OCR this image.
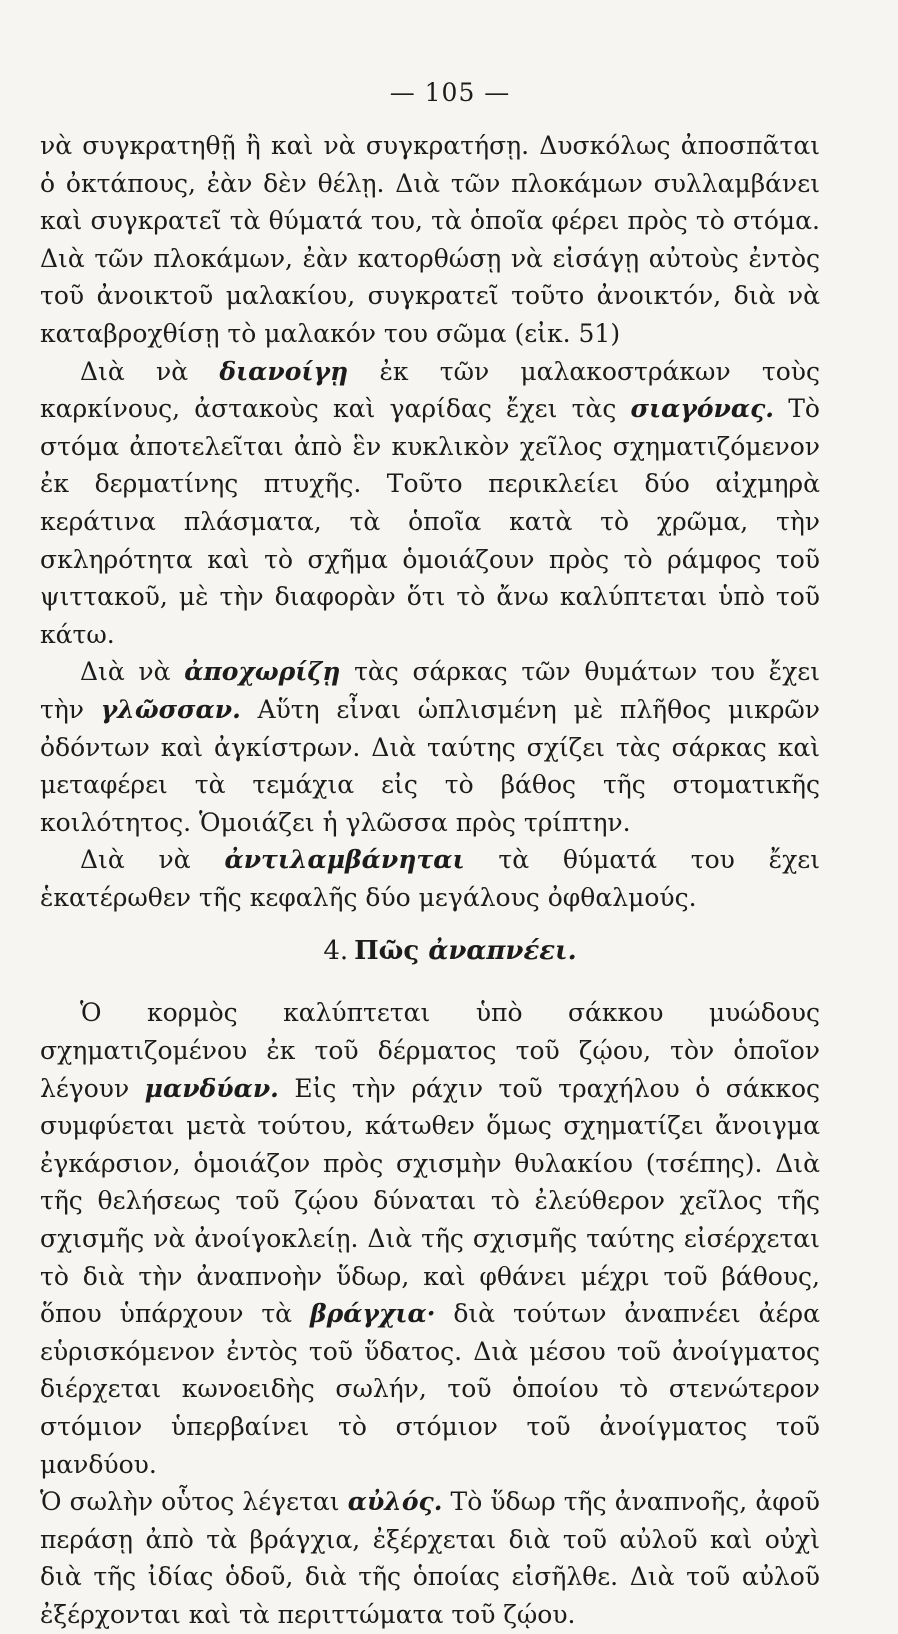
— 105 —

νὰ συγκρατηθῇ ἢ καὶ νὰ συγκρατήσῃ. Δυσκόλως ἀποσπᾶται ὁ ὀκτάπους, ἐὰν δὲν θέλῃ. Διὰ τῶν πλοκάμων συλλαμβάνει καὶ συγκρατεῖ τὰ θύματά του, τὰ ὁποῖα φέρει πρὸς τὸ στόμα. Διὰ τῶν πλοκάμων, ἐὰν κατορθώσῃ νὰ εἰσάγῃ αὐτοὺς ἐντὸς τοῦ ἀνοικτοῦ μαλακίου, συγκρατεῖ τοῦτο ἀνοικτόν, διὰ νὰ καταβροχθίσῃ τὸ μαλακόν του σῶμα (εἰκ. 51)

Διὰ νὰ διανοίγῃ ἐκ τῶν μαλακοστράκων τοὺς καρκίνους, ἀστακοὺς καὶ γαρίδας ἔχει τὰς σιαγόνας. Τὸ στόμα ἀποτελεῖται ἀπὸ ἓν κυκλικὸν χεῖλος σχηματιζόμενον ἐκ δερματίνης πτυχῆς. Τοῦτο περικλείει δύο αἰχμηρὰ κεράτινα πλάσματα, τὰ ὁποῖα κατὰ τὸ χρῶμα, τὴν σκληρότητα καὶ τὸ σχῆμα ὁμοιάζουν πρὸς τὸ ράμφος τοῦ ψιττακοῦ, μὲ τὴν διαφορὰν ὅτι τὸ ἄνω καλύπτεται ὑπὸ τοῦ κάτω.

Διὰ νὰ ἀποχωρίζῃ τὰς σάρκας τῶν θυμάτων του ἔχει τὴν γλῶσσαν. Αὕτη εἶναι ὡπλισμένη μὲ πλῆθος μικρῶν ὀδόντων καὶ ἀγκίστρων. Διὰ ταύτης σχίζει τὰς σάρκας καὶ μεταφέρει τὰ τεμάχια εἰς τὸ βάθος τῆς στοματικῆς κοιλότητος. Ὁμοιάζει ἡ γλῶσσα πρὸς τρίπτην.

Διὰ νὰ ἀντιλαμβάνηται τὰ θύματά του ἔχει ἑκατέρωθεν τῆς κεφαλῆς δύο μεγάλους ὀφθαλμούς.

4. Πῶς ἀναπνέει.

Ὁ κορμὸς καλύπτεται ὑπὸ σάκκου μυώδους σχηματιζομένου ἐκ τοῦ δέρματος τοῦ ζῴου, τὸν ὁποῖον λέγουν μανδύαν. Εἰς τὴν ράχιν τοῦ τραχήλου ὁ σάκκος συμφύεται μετὰ τούτου, κάτωθεν ὅμως σχηματίζει ἄνοιγμα ἐγκάρσιον, ὁμοιάζον πρὸς σχισμὴν θυλακίου (τσέπης). Διὰ τῆς θελήσεως τοῦ ζῴου δύναται τὸ ἐλεύθερον χεῖλος τῆς σχισμῆς νὰ ἀνοίγοκλείῃ. Διὰ τῆς σχισμῆς ταύτης εἰσέρχεται τὸ διὰ τὴν ἀναπνοὴν ὕδωρ, καὶ φθάνει μέχρι τοῦ βάθους, ὅπου ὑπάρχουν τὰ βράγχια· διὰ τούτων ἀναπνέει ἀέρα εὑρισκόμενον ἐντὸς τοῦ ὕδατος. Διὰ μέσου τοῦ ἀνοίγματος διέρχεται κωνοειδὴς σωλήν, τοῦ ὁποίου τὸ στενώτερον στόμιον ὑπερβαίνει τὸ στόμιον τοῦ ἀνοίγματος τοῦ μανδύου.

Ὁ σωλὴν οὗτος λέγεται αὐλός. Τὸ ὕδωρ τῆς ἀναπνοῆς, ἀφοῦ περάσῃ ἀπὸ τὰ βράγχια, ἐξέρχεται διὰ τοῦ αὐλοῦ καὶ οὐχὶ διὰ τῆς ἰδίας ὁδοῦ, διὰ τῆς ὁποίας εἰσῆλθε. Διὰ τοῦ αὐλοῦ ἐξέρχονται καὶ τὰ περιττώματα τοῦ ζῴου.
